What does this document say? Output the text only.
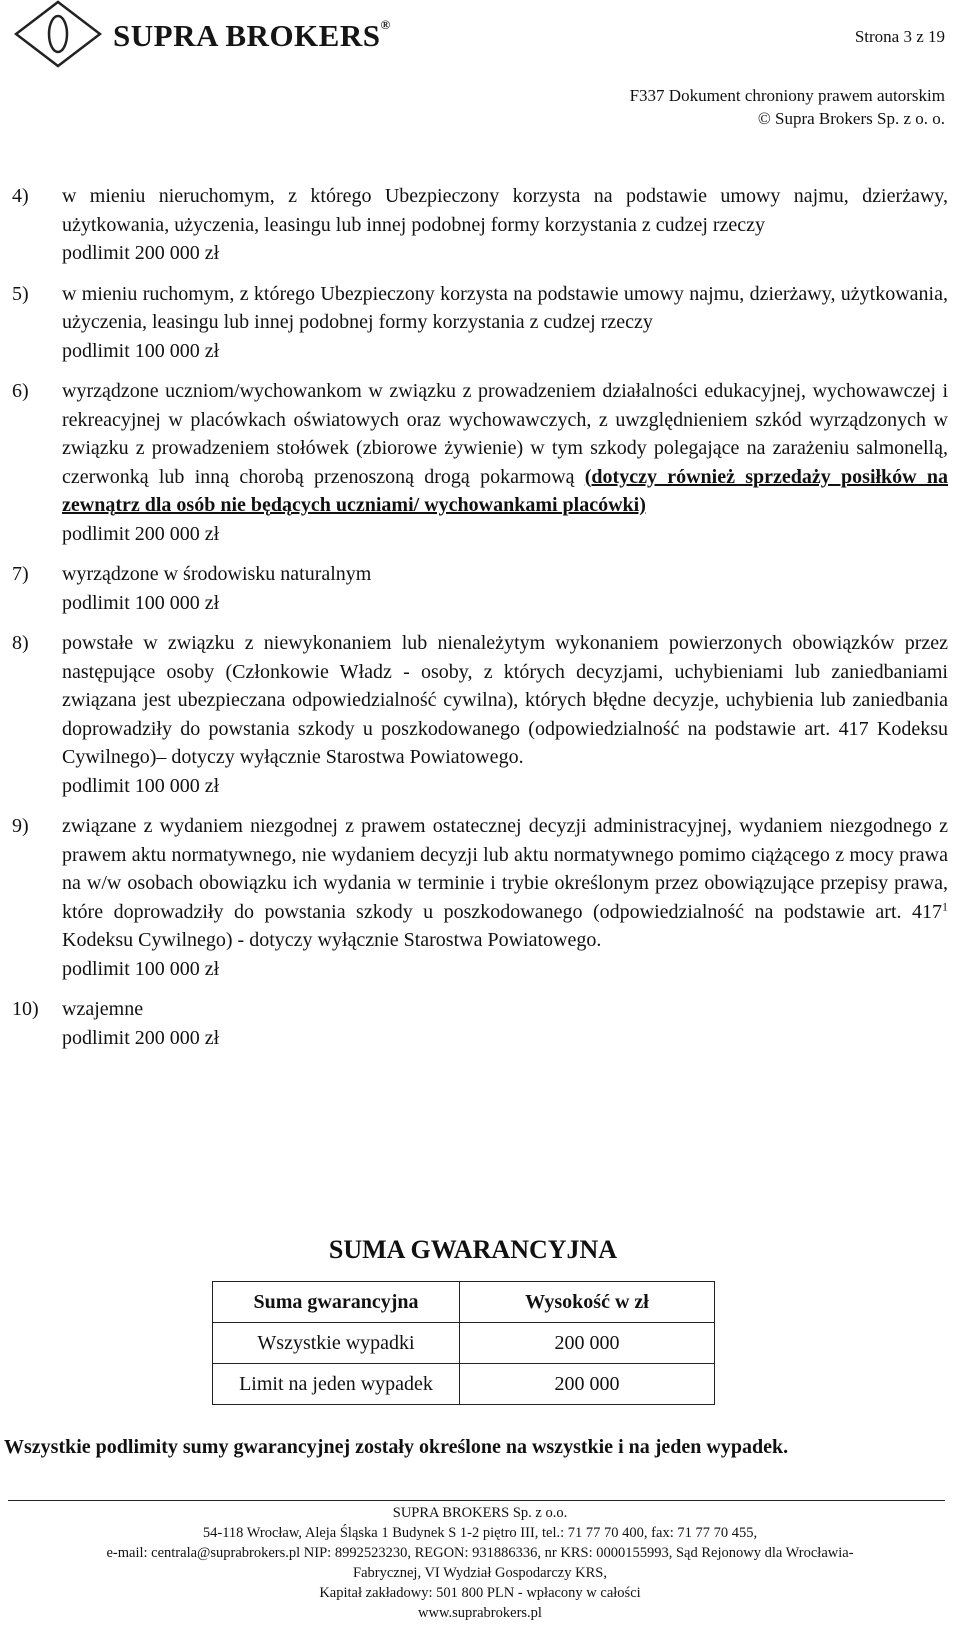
SUPRA BROKERS®
Strona 3 z 19
F337 Dokument chroniony prawem autorskim
© Supra Brokers Sp. z o. o.
4) w mieniu nieruchomym, z którego Ubezpieczony korzysta na podstawie umowy najmu, dzierżawy, użytkowania, użyczenia, leasingu lub innej podobnej formy korzystania z cudzej rzeczy
podlimit 200 000 zł
5) w mieniu ruchomym, z którego Ubezpieczony korzysta na podstawie umowy najmu, dzierżawy, użytkowania, użyczenia, leasingu lub innej podobnej formy korzystania z cudzej rzeczy
podlimit 100 000 zł
6) wyrządzone uczniom/wychowankom w związku z prowadzeniem działalności edukacyjnej, wychowawczej i rekreacyjnej w placówkach oświatowych oraz wychowawczych, z uwzględnieniem szkód wyrządzonych w związku z prowadzeniem stołówek (zbiorowe żywienie) w tym szkody polegające na zarażeniu salmonellą, czerwonką lub inną chorobą przenoszoną drogą pokarmową (dotyczy również sprzedaży posiłków na zewnątrz dla osób nie będących uczniami/ wychowankami placówki)
podlimit 200 000 zł
7) wyrządzone w środowisku naturalnym
podlimit 100 000 zł
8) powstałe w związku z niewykonaniem lub nienależytym wykonaniem powierzonych obowiązków przez następujące osoby (Członkowie Władz - osoby, z których decyzjami, uchybieniami lub zaniedbaniami związana jest ubezpieczana odpowiedzialność cywilna), których błędne decyzje, uchybienia lub zaniedbania doprowadziły do powstania szkody u poszkodowanego (odpowiedzialność na podstawie art. 417 Kodeksu Cywilnego)– dotyczy wyłącznie Starostwa Powiatowego.
podlimit 100 000 zł
9) związane z wydaniem niezgodnej z prawem ostatecznej decyzji administracyjnej, wydaniem niezgodnego z prawem aktu normatywnego, nie wydaniem decyzji lub aktu normatywnego pomimo ciążącego z mocy prawa na w/w osobach obowiązku ich wydania w terminie i trybie określonym przez obowiązujące przepisy prawa, które doprowadziły do powstania szkody u poszkodowanego (odpowiedzialność na podstawie art. $417^1$ Kodeksu Cywilnego) - dotyczy wyłącznie Starostwa Powiatowego.
podlimit 100 000 zł
10) wzajemne
podlimit 200 000 zł
SUMA GWARANCYJNA
Suma gwarancyjna	Wysokość w zł
Wszystkie wypadki	200 000
Limit na jeden wypadek	200 000
Wszystkie podlimity sumy gwarancyjnej zostały określone na wszystkie i na jeden wypadek.
SUPRA BROKERS Sp. z o.o.
54-118 Wrocław, Aleja Śląska 1 Budynek S 1-2 piętro III, tel.: 71 77 70 400, fax: 71 77 70 455,
e-mail: centrala@suprabrokers.pl NIP: 8992523230, REGON: 931886336, nr KRS: 0000155993, Sąd Rejonowy dla Wrocławia-
Fabrycznej, VI Wydział Gospodarczy KRS,
Kapitał zakładowy: 501 800 PLN - wpłacony w całości
www.suprabrokers.pl
